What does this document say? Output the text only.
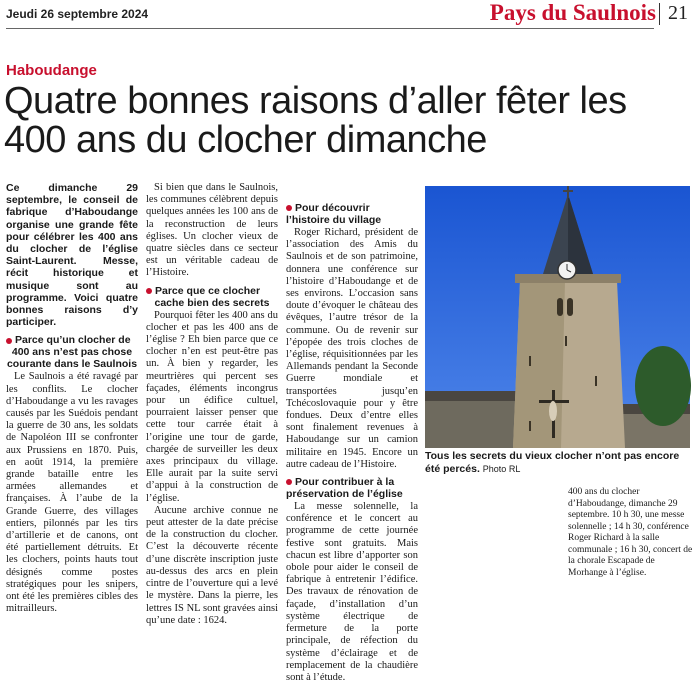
Jeudi 26 septembre 2024	Pays du Saulnois 21
Haboudange
Quatre bonnes raisons d’aller fêter les 400 ans du clocher dimanche
Ce dimanche 29 septembre, le conseil de fabrique d’Haboudange organise une grande fête pour célébrer les 400 ans du clocher de l’église Saint-Laurent. Messe, récit historique et musique sont au programme. Voici quatre bonnes raisons d’y participer.
Parce qu’un clocher de
400 ans n’est pas chose
courante dans le Saulnois

Le Saulnois a été ravagé par les conflits. Le clocher d’Haboudange a vu les ravages causés par les Suédois pendant la guerre de 30 ans, les soldats de Napoléon III se confronter aux Prussiens en 1870. Puis, en août 1914, la première grande bataille entre les armées allemandes et françaises. À l’aube de la Grande Guerre, des villages entiers, pilonnés par les tirs d’artillerie et de canons, ont été partiellement détruits. Et les clochers, points hauts tout désignés comme postes stratégiques pour les snipers, ont été les premières cibles des mitrailleurs.

Si bien que dans le Saulnois, les communes célèbrent depuis quelques années les 100 ans de la reconstruction de leurs églises. Un clocher vieux de quatre siècles dans ce secteur est un véritable cadeau de l’Histoire.

Parce que ce clocher
cache bien des secrets

Pourquoi fêter les 400 ans du clocher et pas les 400 ans de l’église ? Eh bien parce que ce clocher n’en est peut-être pas un. À bien y regarder, les meurtrières qui percent ses façades, éléments incongrus pour un édifice cultuel, pourraient laisser penser que cette tour carrée était à l’origine une tour de garde, chargée de surveiller les deux axes principaux du village. Elle aurait par la suite servi d’appui à la construction de l’église.

Aucune archive connue ne peut attester de la date précise de la construction du clocher. C’est la découverte récente d’une discrète inscription juste au-dessus des arcs en plein cintre de l’ouverture qui a levé le mystère. Dans la pierre, les lettres IS NL sont gravées ainsi qu’une date : 1624.

Pour découvrir
l’histoire du village

Roger Richard, président de l’association des Amis du Saulnois et de son patrimoine, donnera une conférence sur l’histoire d’Haboudange et de ses environs. L’occasion sans doute d’évoquer le château des évêques, l’autre trésor de la commune. Ou de revenir sur l’épopée des trois cloches de l’église, réquisitionnées par les Allemands pendant la Seconde Guerre mondiale et transportées jusqu’en Tchécoslovaquie pour y être fondues. Deux d’entre elles sont finalement revenues à Haboudange sur un camion militaire en 1945. Encore un autre cadeau de l’Histoire.

Pour contribuer à la
préservation de l’église

La messe solennelle, la conférence et le concert au programme de cette journée festive sont gratuits. Mais chacun est libre d’apporter son obole pour aider le conseil de fabrique à entretenir l’édifice. Des travaux de rénovation de façade, d’installation d’un système électrique de fermeture de la porte principale, de réfection du système d’éclairage et de remplacement de la chaudière sont à l’étude.

400 ans du clocher d’Haboudange, dimanche 29 septembre. 10 h 30, une messe solennelle ; 14 h 30, conférence Roger Richard à la salle communale ; 16 h 30, concert de la chorale Escapade de Morhange à l’église.

Tous les secrets du vieux clocher n’ont pas encore été percés. Photo RL
